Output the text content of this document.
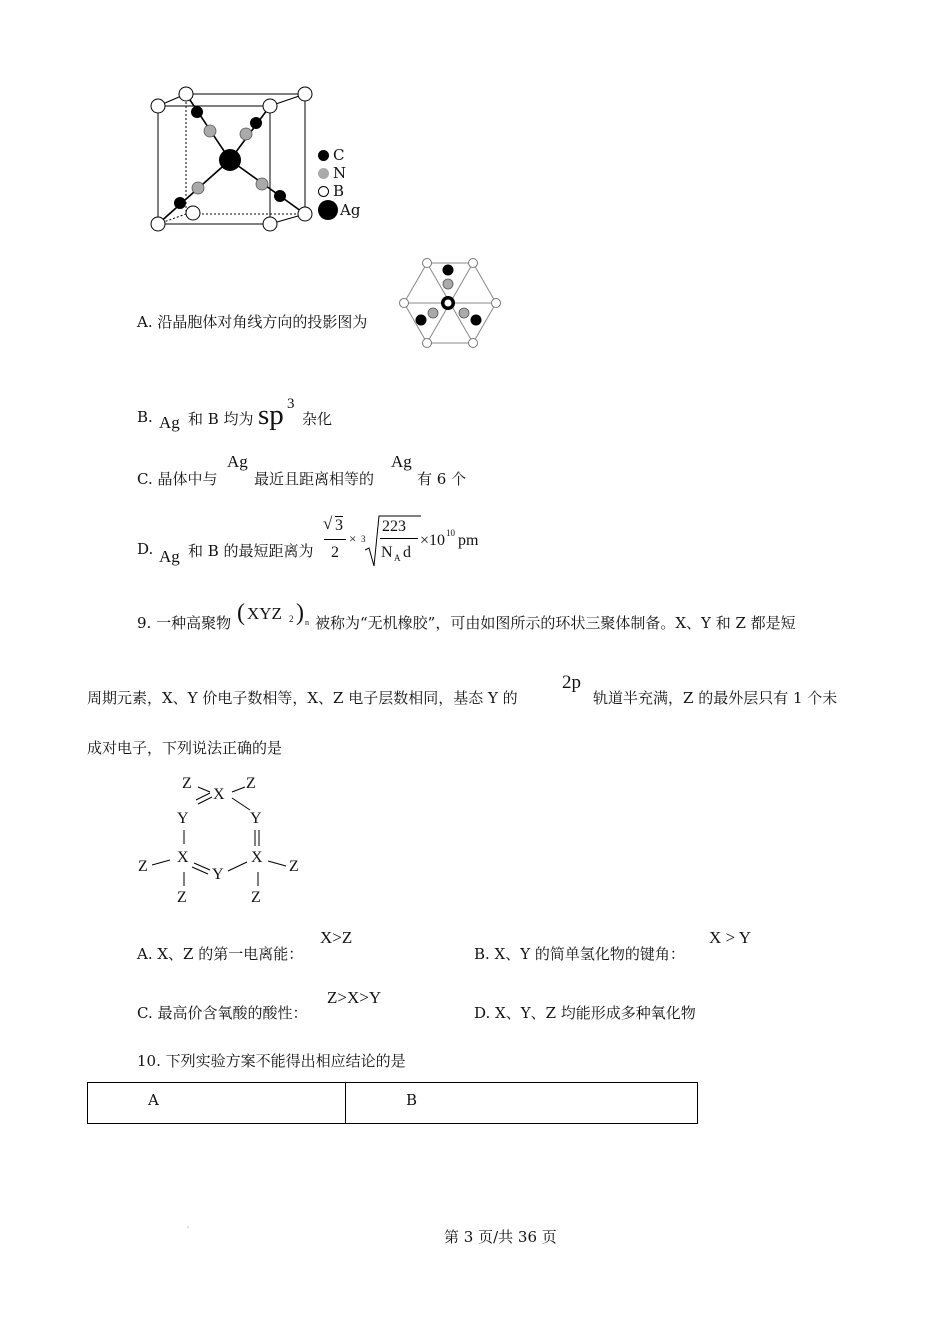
C
N
B
Ag
A. 沿晶胞体对角线方向的投影图为
B. Ag 和 B 均为 sp 3
杂化
C. 晶体中与
Ag
最近且距离相等的
Ag
有 6 个
D. Ag 和 B 的最短距离为
√ 3
2
× 3
223
N A d
×10 10 pm
9. 一种高聚物 ( XYZ 2 ) n 被称为“无机橡胶”，可由如图所示的环状三聚体制备。X、Y 和 Z 都是短
周期元素，X、Y 价电子数相等，X、Z 电子层数相同，基态 Y 的
2p
轨道半充满，Z 的最外层只有 1 个未
成对电子，下列说法正确的是
Z
X
Z
Y	Y
Z
X
Y
X
Z
Z	Z
A. X、Z 的第一电离能：
X>Z
B. X、Y 的简单氢化物的键角：
X > Y
C. 最高价含氧酸的酸性：
Z>X>Y
D. X、Y、Z 均能形成多种氧化物
10. 下列实验方案不能得出相应结论的是
A	B
◦	第 3 页/共 36 页
